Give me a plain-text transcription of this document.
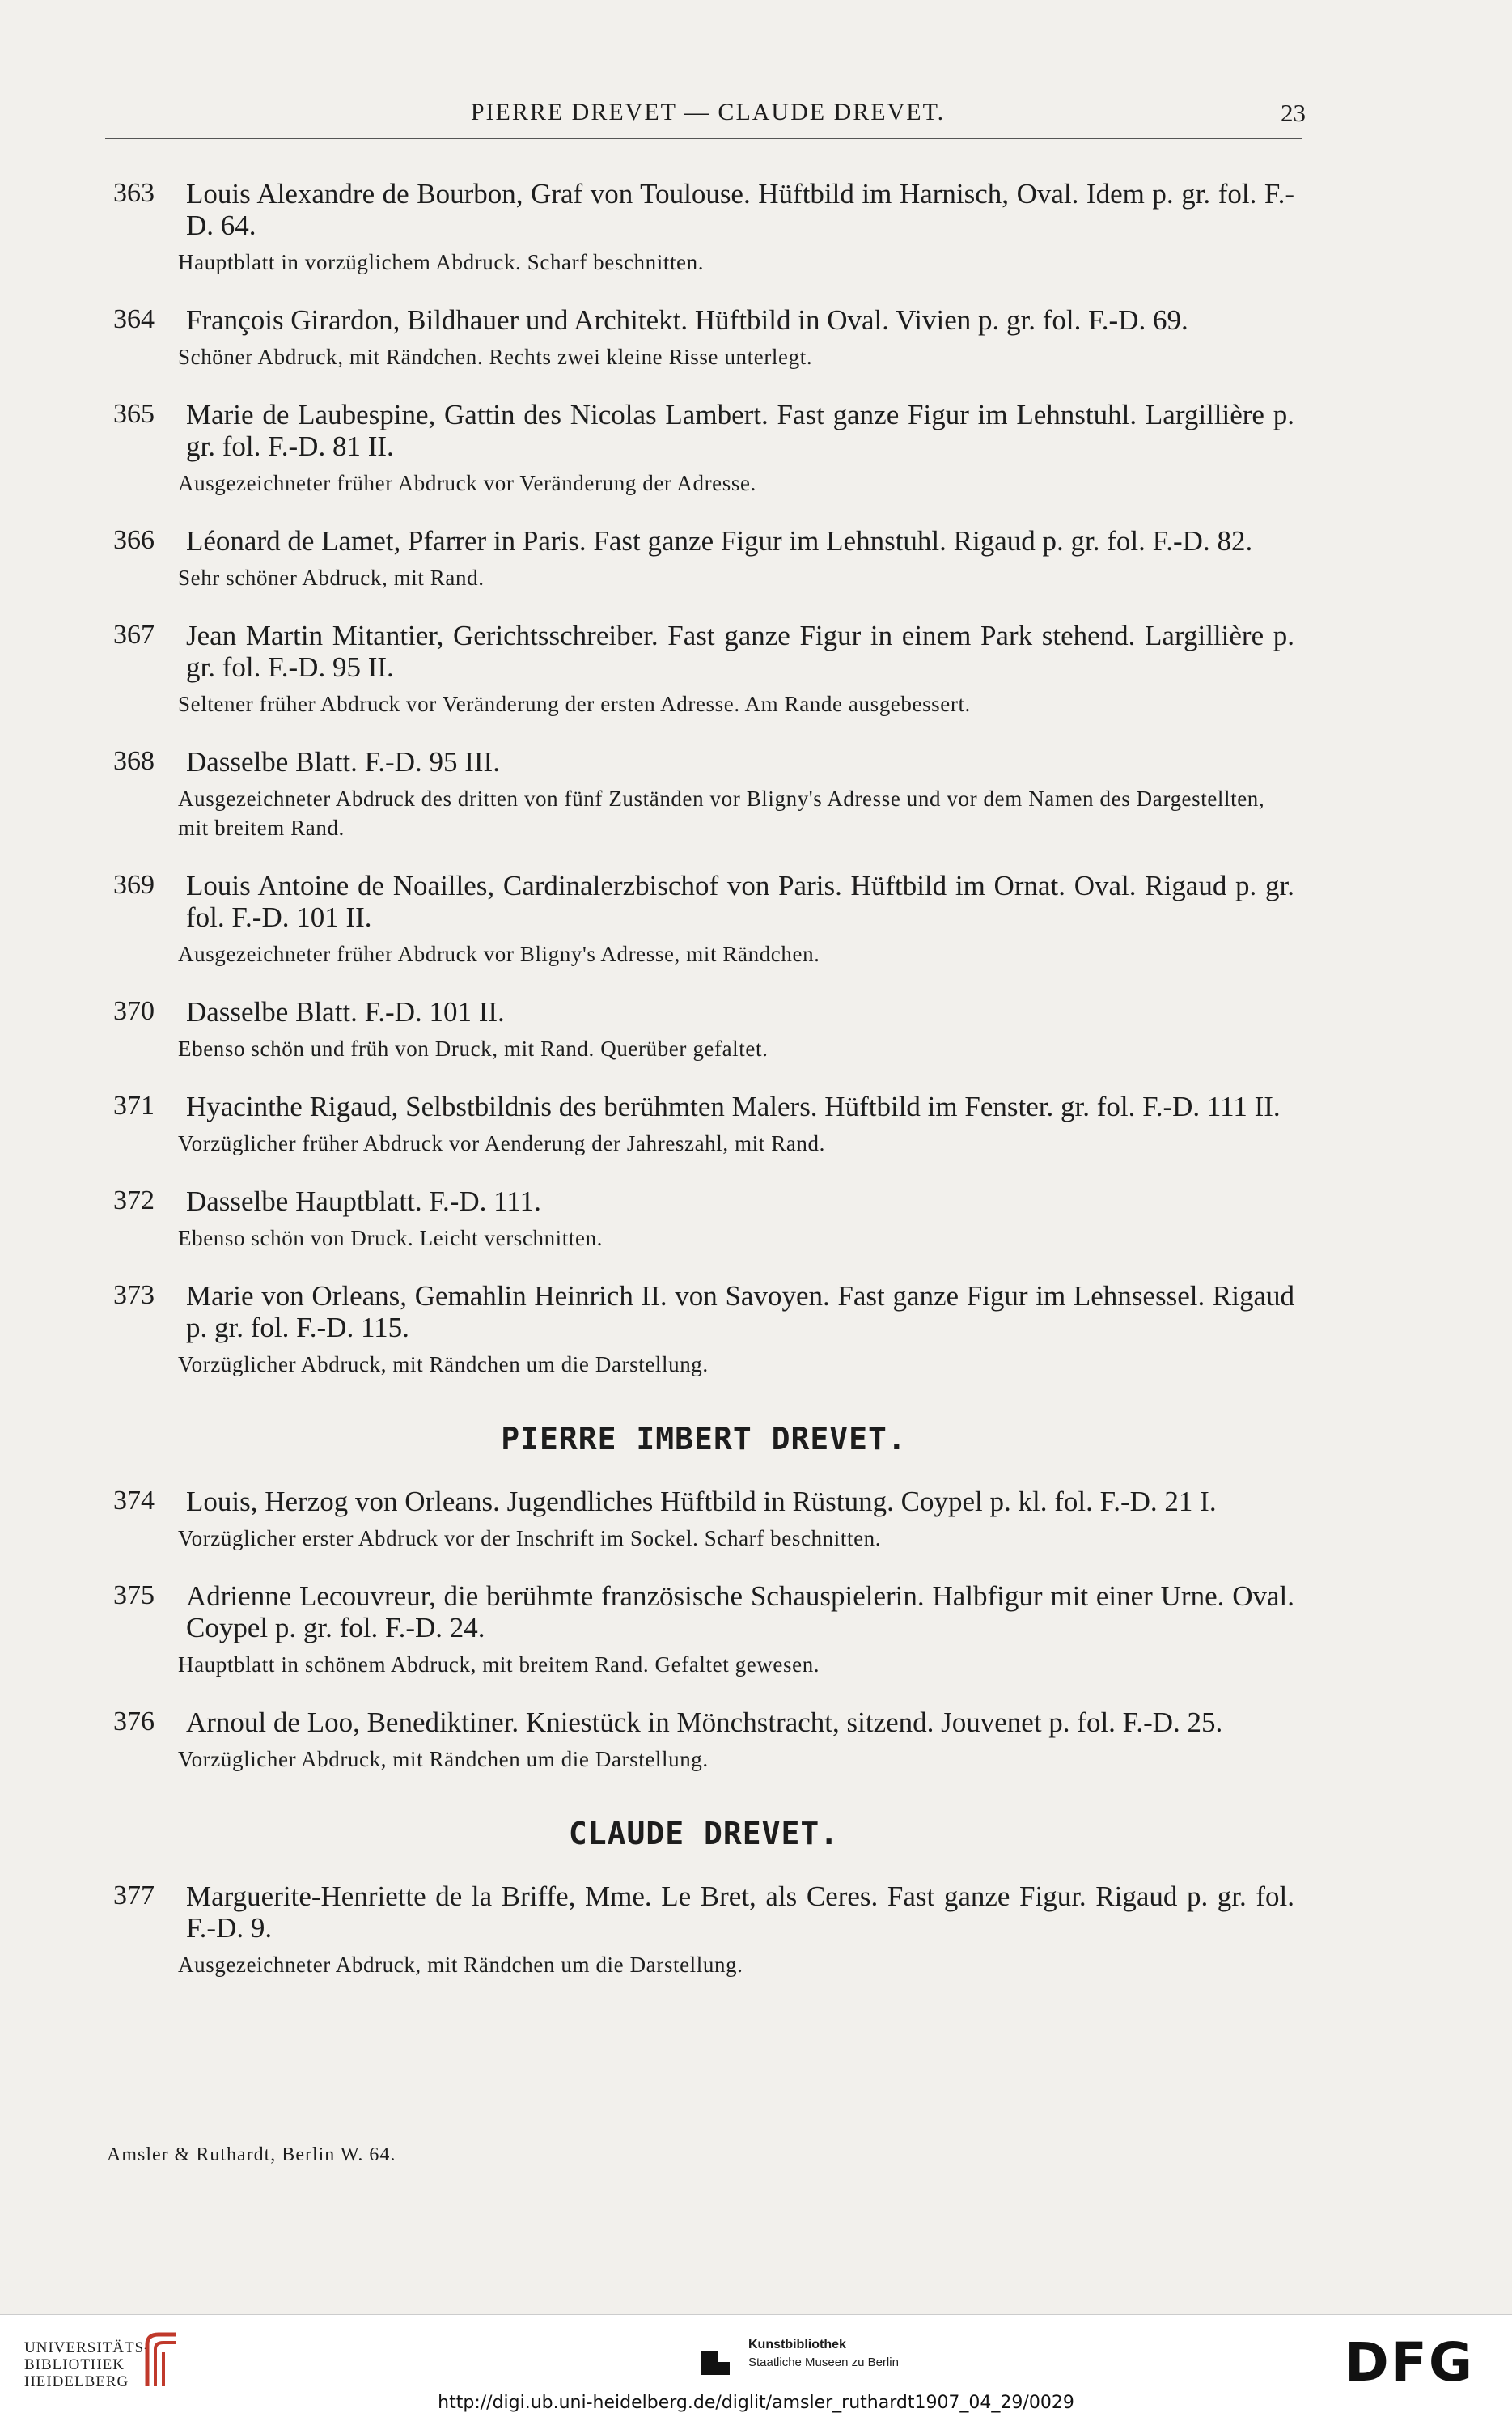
PIERRE DREVET — CLAUDE DREVET.	23
363	Louis Alexandre de Bourbon, Graf von Toulouse. Hüftbild im Harnisch, Oval. Idem p. gr. fol. F.-D. 64.
Hauptblatt in vorzüglichem Abdruck. Scharf beschnitten.
364	François Girardon, Bildhauer und Architekt. Hüftbild in Oval. Vivien p. gr. fol. F.-D. 69.
Schöner Abdruck, mit Rändchen. Rechts zwei kleine Risse unterlegt.
365	Marie de Laubespine, Gattin des Nicolas Lambert. Fast ganze Figur im Lehnstuhl. Largillière p. gr. fol. F.-D. 81 II.
Ausgezeichneter früher Abdruck vor Veränderung der Adresse.
366	Léonard de Lamet, Pfarrer in Paris. Fast ganze Figur im Lehnstuhl. Rigaud p. gr. fol. F.-D. 82.
Sehr schöner Abdruck, mit Rand.
367	Jean Martin Mitantier, Gerichtsschreiber. Fast ganze Figur in einem Park stehend. Largillière p. gr. fol. F.-D. 95 II.
Seltener früher Abdruck vor Veränderung der ersten Adresse. Am Rande ausgebessert.
368	Dasselbe Blatt. F.-D. 95 III.
Ausgezeichneter Abdruck des dritten von fünf Zuständen vor Bligny's Adresse und vor dem Namen des Dargestellten, mit breitem Rand.
369	Louis Antoine de Noailles, Cardinalerzbischof von Paris. Hüftbild im Ornat. Oval. Rigaud p. gr. fol. F.-D. 101 II.
Ausgezeichneter früher Abdruck vor Bligny's Adresse, mit Rändchen.
370	Dasselbe Blatt. F.-D. 101 II.
Ebenso schön und früh von Druck, mit Rand. Querüber gefaltet.
371	Hyacinthe Rigaud, Selbstbildnis des berühmten Malers. Hüftbild im Fenster. gr. fol. F.-D. 111 II.
Vorzüglicher früher Abdruck vor Aenderung der Jahreszahl, mit Rand.
372	Dasselbe Hauptblatt. F.-D. 111.
Ebenso schön von Druck. Leicht verschnitten.
373	Marie von Orleans, Gemahlin Heinrich II. von Savoyen. Fast ganze Figur im Lehnsessel. Rigaud p. gr. fol. F.-D. 115.
Vorzüglicher Abdruck, mit Rändchen um die Darstellung.
PIERRE IMBERT DREVET.
374	Louis, Herzog von Orleans. Jugendliches Hüftbild in Rüstung. Coypel p. kl. fol. F.-D. 21 I.
Vorzüglicher erster Abdruck vor der Inschrift im Sockel. Scharf beschnitten.
375	Adrienne Lecouvreur, die berühmte französische Schauspielerin. Halbfigur mit einer Urne. Oval. Coypel p. gr. fol. F.-D. 24.
Hauptblatt in schönem Abdruck, mit breitem Rand. Gefaltet gewesen.
376	Arnoul de Loo, Benediktiner. Kniestück in Mönchstracht, sitzend. Jouvenet p. fol. F.-D. 25.
Vorzüglicher Abdruck, mit Rändchen um die Darstellung.
CLAUDE DREVET.
377	Marguerite-Henriette de la Briffe, Mme. Le Bret, als Ceres. Fast ganze Figur. Rigaud p. gr. fol. F.-D. 9.
Ausgezeichneter Abdruck, mit Rändchen um die Darstellung.
Amsler & Ruthardt, Berlin W. 64.
UNIVERSITÄTS-
BIBLIOTHEK
HEIDELBERG
Kunstbibliothek
Staatliche Museen zu Berlin	DFG
http://digi.ub.uni-heidelberg.de/diglit/amsler_ruthardt1907_04_29/0029
